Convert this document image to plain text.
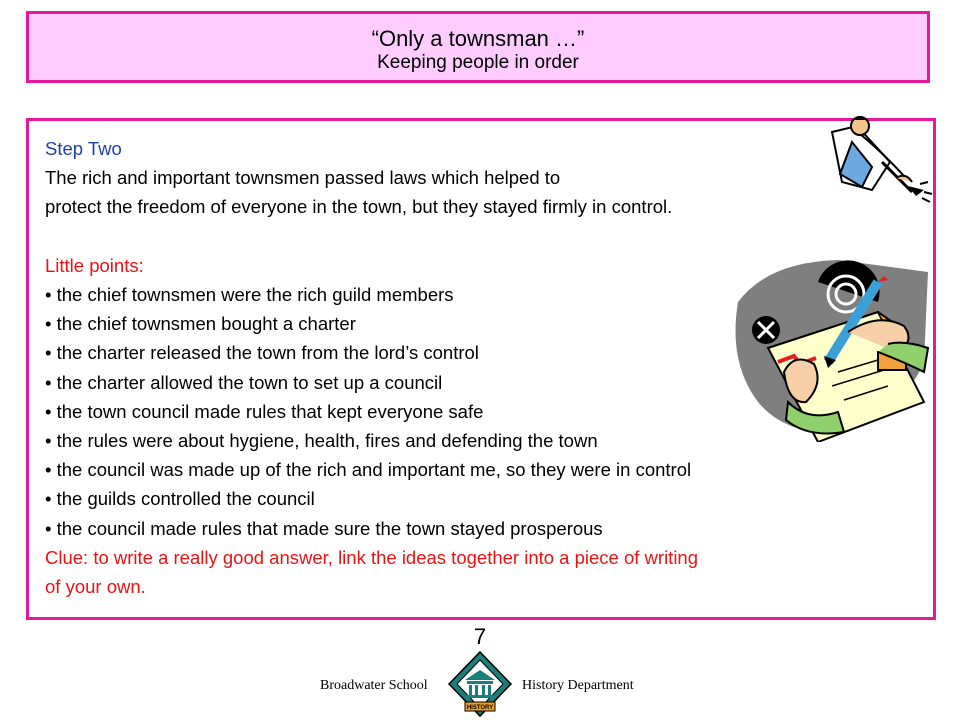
“Only a townsman …”
Keeping people in order
Step Two
The rich and important townsmen passed laws which helped to
protect the freedom of everyone in the town, but they stayed firmly in control.
Little points:
• the chief townsmen were the rich guild members
• the chief townsmen bought a charter
• the charter released the town from the lord’s control
• the charter allowed the town to set up a council
• the town council made rules that kept everyone safe
• the rules were about hygiene, health, fires and defending the town
• the council was made up of the rich and important me, so they were in control
• the guilds controlled the council
• the council made rules that made sure the town stayed prosperous
Clue: to write a really good answer, link the ideas together into a piece of writing
of your own.
7
Broadwater School	History Department
HISTORY
